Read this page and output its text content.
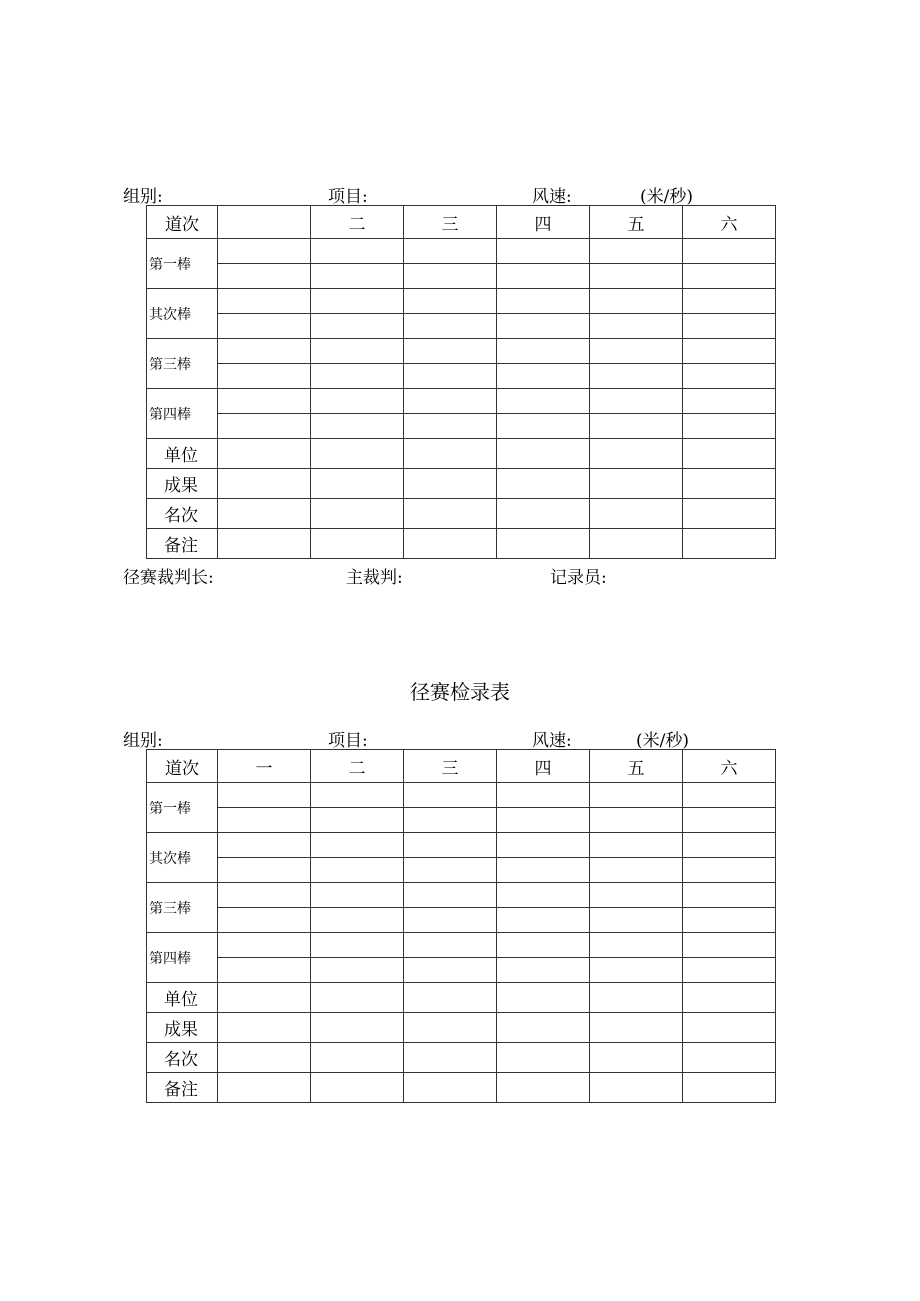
组别:	项目:	风速:	(米/秒)
道次		二	三	四	五	六
第一棒						

其次棒						

第三棒						

第四棒						

单位						
成果						
名次						
备注						
径赛裁判长:	主裁判:	记录员:
径赛检录表
组别:	项目:	风速:	(米/秒)
道次	一	二	三	四	五	六
第一棒						

其次棒						

第三棒						

第四棒						

单位						
成果						
名次						
备注						
